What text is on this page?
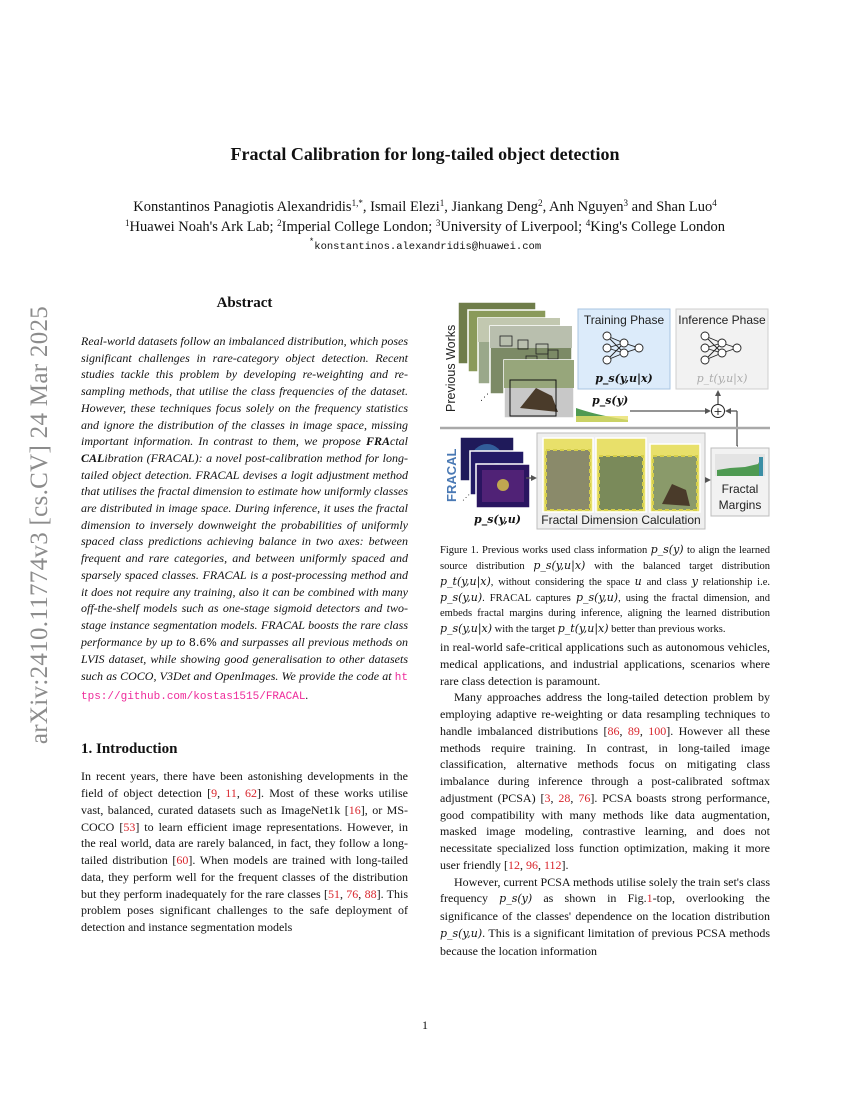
arXiv:2410.11774v3 [cs.CV] 24 Mar 2025
Fractal Calibration for long-tailed object detection
Konstantinos Panagiotis Alexandridis$^{1,*}$, Ismail Elezi$^1$, Jiankang Deng$^2$, Anh Nguyen$^3$ and Shan Luo$^4$
$^1$Huawei Noah's Ark Lab; $^2$Imperial College London; $^3$University of Liverpool; $^4$King's College London
*konstantinos.alexandridis@huawei.com
Abstract

Real-world datasets follow an imbalanced distribution, which poses significant challenges in rare-category object detection. Recent studies tackle this problem by developing re-weighting and re-sampling methods, that utilise the class frequencies of the dataset. However, these techniques focus solely on the frequency statistics and ignore the distribution of the classes in image space, missing important information. In contrast to them, we propose FRActal CALibration (FRACAL): a novel post-calibration method for long-tailed object detection. FRACAL devises a logit adjustment method that utilises the fractal dimension to estimate how uniformly classes are distributed in image space. During inference, it uses the fractal dimension to inversely downweight the probabilities of uniformly spaced class predictions achieving balance in two axes: between frequent and rare categories, and between uniformly spaced and sparsely spaced classes. FRACAL is a post-processing method and it does not require any training, also it can be combined with many off-the-shelf models such as one-stage sigmoid detectors and two-stage instance segmentation models. FRACAL boosts the rare class performance by up to 8.6% and surpasses all previous methods on LVIS dataset, while showing good generalisation to other datasets such as COCO, V3Det and OpenImages. We provide the code at https://github.com/kostas1515/FRACAL.

1. Introduction

In recent years, there have been astonishing developments in the field of object detection [9, 11, 62]. Most of these works utilise vast, balanced, curated datasets such as ImageNet1k [16], or MS-COCO [53] to learn efficient image representations. However, in the real world, data are rarely balanced, in fact, they follow a long-tailed distribution [60]. When models are trained with long-tailed data, they perform well for the frequent classes of the distribution but they perform inadequately for the rare classes [51, 76, 88]. This problem poses significant challenges to the safe deployment of detection and instance segmentation models

Previous Works ⋰	p_s(y)
Training Phase
p_s(y,u|x)
Inference Phase
p_t(y,u|x)
+
FRACAL ⋰
p_s(y,u) Fractal Dimension Calculation
Fractal
Margins

Figure 1. Previous works used class information p_s(y) to align the learned source distribution p_s(y,u|x) with the balanced target distribution p_t(y,u|x), without considering the space u and class y relationship i.e. p_s(y,u). FRACAL captures p_s(y,u), using the fractal dimension, and embeds fractal margins during inference, aligning the learned distribution p_s(y,u|x) with the target p_t(y,u|x) better than previous works.

in real-world safe-critical applications such as autonomous vehicles, medical applications, and industrial applications, scenarios where rare class detection is paramount.

Many approaches address the long-tailed detection problem by employing adaptive re-weighting or data resampling techniques to handle imbalanced distributions [86, 89, 100]. However all these methods require training. In contrast, in long-tailed image classification, alternative methods focus on mitigating class imbalance during inference through a post-calibrated softmax adjustment (PCSA) [3, 28, 76]. PCSA boasts strong performance, good compatibility with many methods like data augmentation, masked image modeling, contrastive learning, and does not necessitate specialized loss function optimization, making it more user friendly [12, 96, 112].

However, current PCSA methods utilise solely the train set's class frequency p_s(y) as shown in Fig.1-top, overlooking the significance of the classes' dependence on the location distribution p_s(y,u). This is a significant limitation of previous PCSA methods because the location information

1
